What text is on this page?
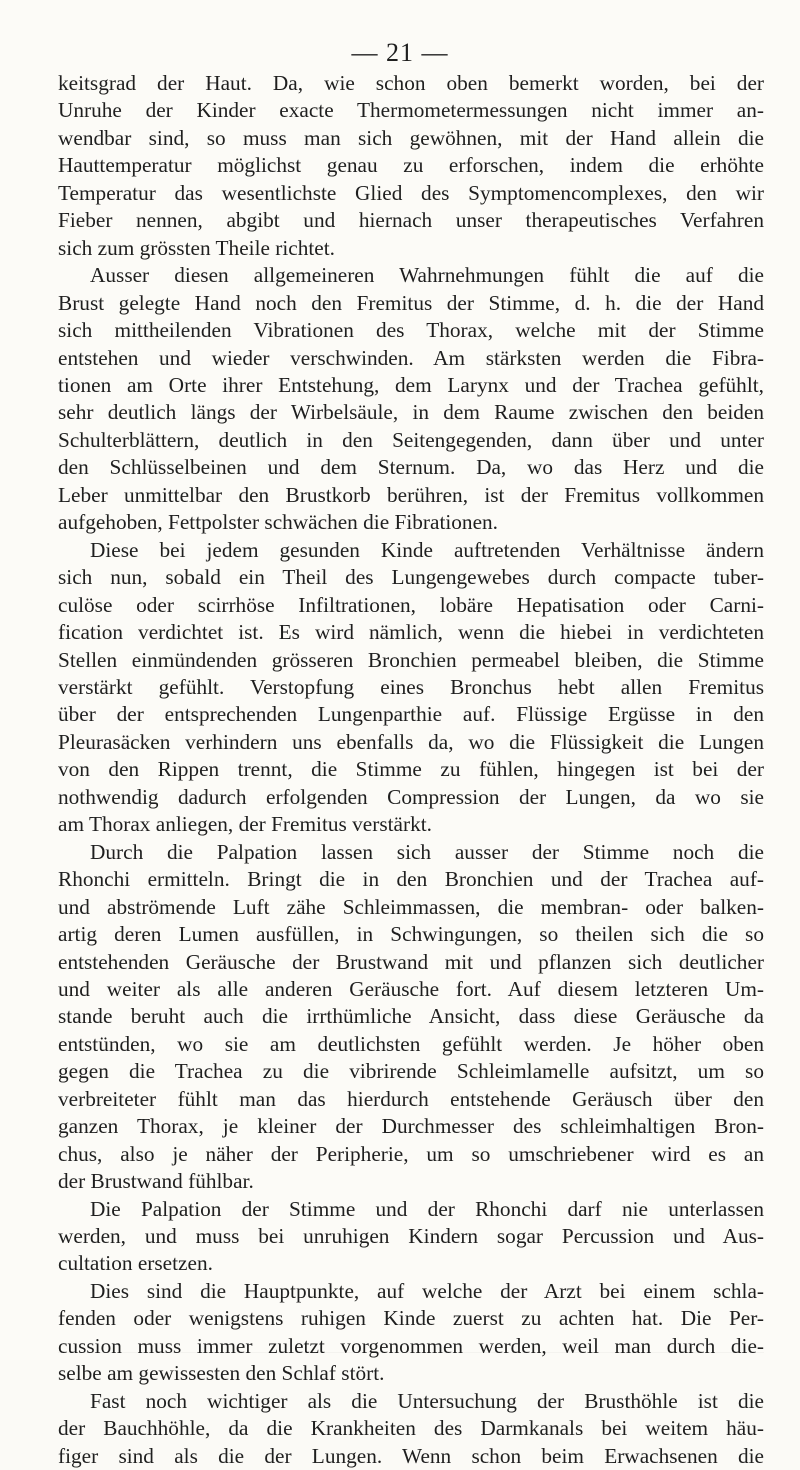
— 21 —
keitsgrad der Haut. Da, wie schon oben bemerkt worden, bei der
Unruhe der Kinder exacte Thermometermessungen nicht immer an-
wendbar sind, so muss man sich gewöhnen, mit der Hand allein die
Hauttemperatur möglichst genau zu erforschen, indem die erhöhte
Temperatur das wesentlichste Glied des Symptomencomplexes, den wir
Fieber nennen, abgibt und hiernach unser therapeutisches Verfahren
sich zum grössten Theile richtet.
Ausser diesen allgemeineren Wahrnehmungen fühlt die auf die
Brust gelegte Hand noch den Fremitus der Stimme, d. h. die der Hand
sich mittheilenden Vibrationen des Thorax, welche mit der Stimme
entstehen und wieder verschwinden. Am stärksten werden die Fibra-
tionen am Orte ihrer Entstehung, dem Larynx und der Trachea gefühlt,
sehr deutlich längs der Wirbelsäule, in dem Raume zwischen den beiden
Schulterblättern, deutlich in den Seitengegenden, dann über und unter
den Schlüsselbeinen und dem Sternum. Da, wo das Herz und die
Leber unmittelbar den Brustkorb berühren, ist der Fremitus vollkommen
aufgehoben, Fettpolster schwächen die Fibrationen.
Diese bei jedem gesunden Kinde auftretenden Verhältnisse ändern
sich nun, sobald ein Theil des Lungengewebes durch compacte tuber-
culöse oder scirrhöse Infiltrationen, lobäre Hepatisation oder Carni-
fication verdichtet ist. Es wird nämlich, wenn die hiebei in verdichteten
Stellen einmündenden grösseren Bronchien permeabel bleiben, die Stimme
verstärkt gefühlt. Verstopfung eines Bronchus hebt allen Fremitus
über der entsprechenden Lungenparthie auf. Flüssige Ergüsse in den
Pleurasäcken verhindern uns ebenfalls da, wo die Flüssigkeit die Lungen
von den Rippen trennt, die Stimme zu fühlen, hingegen ist bei der
nothwendig dadurch erfolgenden Compression der Lungen, da wo sie
am Thorax anliegen, der Fremitus verstärkt.
Durch die Palpation lassen sich ausser der Stimme noch die
Rhonchi ermitteln. Bringt die in den Bronchien und der Trachea auf-
und abströmende Luft zähe Schleimmassen, die membran- oder balken-
artig deren Lumen ausfüllen, in Schwingungen, so theilen sich die so
entstehenden Geräusche der Brustwand mit und pflanzen sich deutlicher
und weiter als alle anderen Geräusche fort. Auf diesem letzteren Um-
stande beruht auch die irrthümliche Ansicht, dass diese Geräusche da
entstünden, wo sie am deutlichsten gefühlt werden. Je höher oben
gegen die Trachea zu die vibrirende Schleimlamelle aufsitzt, um so
verbreiteter fühlt man das hierdurch entstehende Geräusch über den
ganzen Thorax, je kleiner der Durchmesser des schleimhaltigen Bron-
chus, also je näher der Peripherie, um so umschriebener wird es an
der Brustwand fühlbar.
Die Palpation der Stimme und der Rhonchi darf nie unterlassen
werden, und muss bei unruhigen Kindern sogar Percussion und Aus-
cultation ersetzen.
Dies sind die Hauptpunkte, auf welche der Arzt bei einem schla-
fenden oder wenigstens ruhigen Kinde zuerst zu achten hat. Die Per-
cussion muss immer zuletzt vorgenommen werden, weil man durch die-
selbe am gewissesten den Schlaf stört.
Fast noch wichtiger als die Untersuchung der Brusthöhle ist die
der Bauchhöhle, da die Krankheiten des Darmkanals bei weitem häu-
figer sind als die der Lungen. Wenn schon beim Erwachsenen die
